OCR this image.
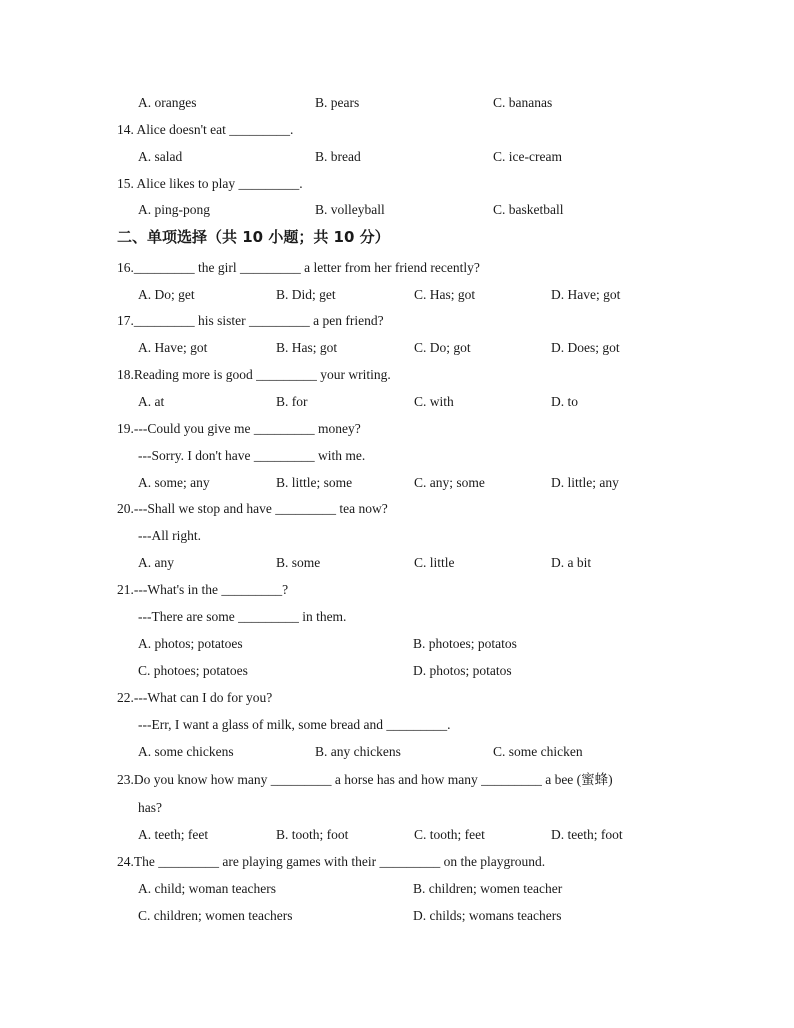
A. oranges	B. pears	C. bananas
14. Alice doesn't eat _________.
A. salad	B. bread	C. ice-cream
15. Alice likes to play _________.
A. ping-pong	B. volleyball	C. basketball
二、单项选择（共 10 小题；共 10 分）
16._________ the girl _________ a letter from her friend recently?
A. Do; get	B. Did; get	C. Has; got	D. Have; got
17._________ his sister _________ a pen friend?
A. Have; got	B. Has; got	C. Do; got	D. Does; got
18.Reading more is good _________ your writing.
A. at	B. for	C. with	D. to
19.---Could you give me _________ money?
---Sorry. I don't have _________ with me.
A. some; any	B. little; some	C. any; some	D. little; any
20.---Shall we stop and have _________ tea now?
---All right.
A. any	B. some	C. little	D. a bit
21.---What's in the _________?
---There are some _________ in them.
A. photos; potatoes	B. photoes; potatos
C. photoes; potatoes	D. photos; potatos
22.---What can I do for you?
---Err, I want a glass of milk, some bread and _________.
A. some chickens	B. any chickens	C. some chicken
23.Do you know how many _________ a horse has and how many _________ a bee (蜜蜂)
has?
A. teeth; feet	B. tooth; foot	C. tooth; feet	D. teeth; foot
24.The _________ are playing games with their _________ on the playground.
A. child; woman teachers	B. children; women teacher
C. children; women teachers	D. childs; womans teachers
